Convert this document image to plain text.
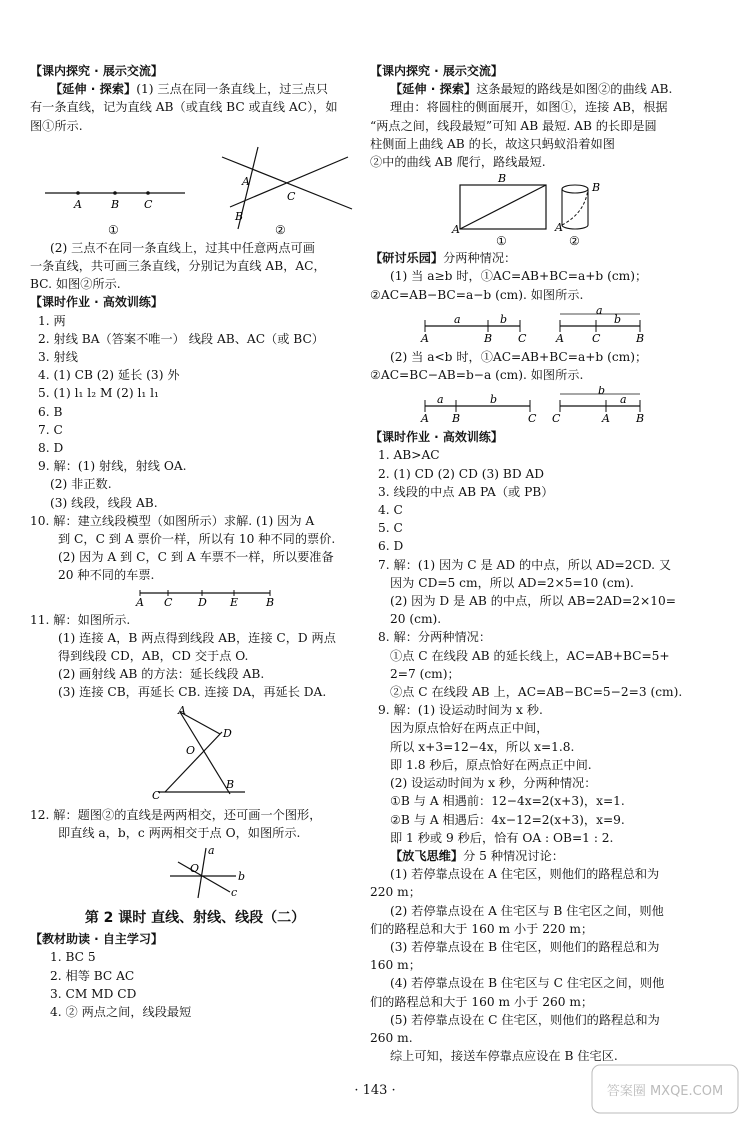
【课内探究 · 展示交流】

【延伸 · 探索】(1) 三点在同一条直线上，过三点只

有一条直线，记为直线 AB（或直线 BC 或直线 AC），如

图①所示.

A	B C
A
C
B
①	②

(2) 三点不在同一条直线上，过其中任意两点可画

一条直线，共可画三条直线，分别记为直线 AB，AC，

BC. 如图②所示.

【课时作业 · 高效训练】

1. 两

2. 射线 BA（答案不唯一） 线段 AB、AC（或 BC）

3. 射线

4. (1) CB (2) 延长 (3) 外

5. (1) l₁ l₂ M (2) l₁ l₁

6. B

7. C

8. D

9. 解：(1) 射线，射线 OA.

(2) 非正数.

(3) 线段，线段 AB.

10. 解：建立线段模型（如图所示）求解. (1) 因为 A

到 C，C 到 A 票价一样，所以有 10 种不同的票价.

(2) 因为 A 到 C，C 到 A 车票不一样，所以要准备

20 种不同的车票.

A C D E	B

11. 解：如图所示.

(1) 连接 A，B 两点得到线段 AB，连接 C，D 两点

得到线段 CD，AB，CD 交于点 O.

(2) 画射线 AB 的方法：延长线段 AB.

(3) 连接 CB，再延长 CB. 连接 DA，再延长 DA.

A
D
O
C
B

12. 解：题图②的直线是两两相交，还可画一个图形，

即直线 a，b，c 两两相交于点 O，如图所示.

a
O
b
c

第 2 课时 直线、射线、线段（二）

【教材助读 · 自主学习】

1. BC 5

2. 相等 BC AC

3. CM MD CD

4. ② 两点之间，线段最短

【课内探究 · 展示交流】

【延伸 · 探索】这条最短的路线是如图②的曲线 AB.

理由：将圆柱的侧面展开，如图①，连接 AB，根据

“两点之间，线段最短”可知 AB 最短. AB 的长即是圆

柱侧面上曲线 AB 的长，故这只蚂蚁沿着如图

②中的曲线 AB 爬行，路线最短.

B
A
B
A
①	②

【研讨乐园】分两种情况：

(1) 当 a≥b 时，①AC=AB+BC=a+b (cm)；

②AC=AB−BC=a−b (cm). 如图所示.

A
a
B
b
C	A
a
C
b
B

(2) 当 a<b 时，①AC=AB+BC=a+b (cm)；

②AC=BC−AB=b−a (cm). 如图所示.

A
a
B
b
C C
b
A
a
B

【课时作业 · 高效训练】

1. AB>AC

2. (1) CD (2) CD (3) BD AD

3. 线段的中点 AB PA（或 PB）

4. C

5. C

6. D

7. 解：(1) 因为 C 是 AD 的中点，所以 AD=2CD. 又

因为 CD=5 cm，所以 AD=2×5=10 (cm).

(2) 因为 D 是 AB 的中点，所以 AB=2AD=2×10=

20 (cm).

8. 解：分两种情况：

①点 C 在线段 AB 的延长线上，AC=AB+BC=5+

2=7 (cm)；

②点 C 在线段 AB 上，AC=AB−BC=5−2=3 (cm).

9. 解：(1) 设运动时间为 x 秒.

因为原点恰好在两点正中间，

所以 x+3=12−4x，所以 x=1.8.

即 1.8 秒后，原点恰好在两点正中间.

(2) 设运动时间为 x 秒，分两种情况：

①B 与 A 相遇前：12−4x=2(x+3)，x=1.

②B 与 A 相遇后：4x−12=2(x+3)，x=9.

即 1 秒或 9 秒后，恰有 OA : OB=1 : 2.

【放飞思维】分 5 种情况讨论：

(1) 若停靠点设在 A 住宅区，则他们的路程总和为

220 m；

(2) 若停靠点设在 A 住宅区与 B 住宅区之间，则他

们的路程总和大于 160 m 小于 220 m；

(3) 若停靠点设在 B 住宅区，则他们的路程总和为

160 m；

(4) 若停靠点设在 B 住宅区与 C 住宅区之间，则他

们的路程总和大于 160 m 小于 260 m；

(5) 若停靠点设在 C 住宅区，则他们的路程总和为

260 m.

综上可知，接送车停靠点应设在 B 住宅区.

· 143 ·	答案圈 MXQE.COM
